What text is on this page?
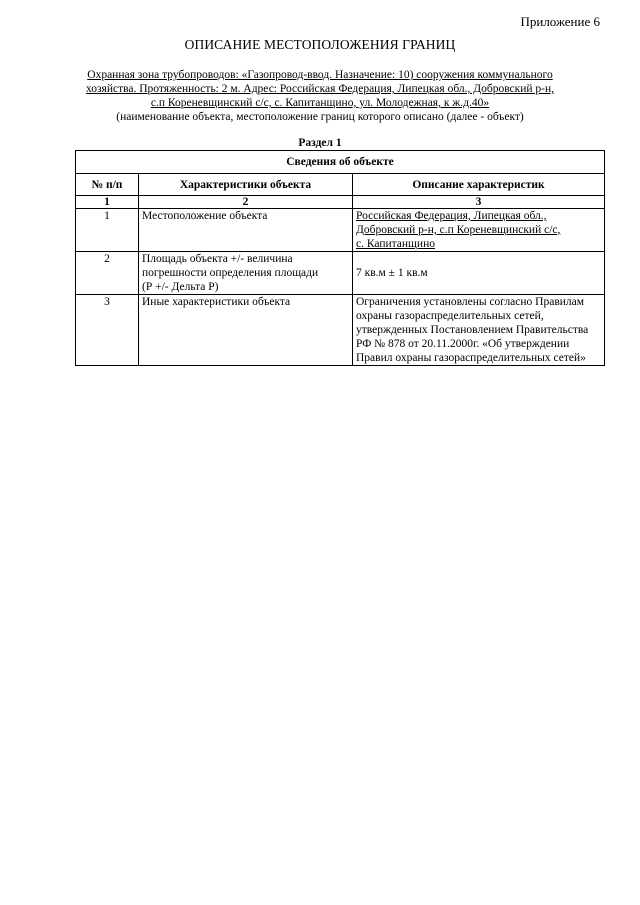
Приложение 6
ОПИСАНИЕ МЕСТОПОЛОЖЕНИЯ ГРАНИЦ
Охранная зона трубопроводов: «Газопровод-ввод. Назначение: 10) сооружения коммунального
хозяйства. Протяженность: 2 м. Адрес: Российская Федерация, Липецкая обл., Добровский р-н,
с.п Кореневщинский с/с, с. Капитанщино, ул. Молодежная, к ж.д.40»
(наименование объекта, местоположение границ которого описано (далее - объект)
Раздел 1
Сведения об объекте		
№ п/п	Характеристики объекта	Описание характеристик
1	2	3
1	Местоположение объекта	Российская Федерация, Липецкая обл.,
Добровский р-н, с.п Кореневщинский с/с,
с. Капитанщино

2	Площадь объекта +/- величина
погрешности определения площади
(Р +/- Дельта Р)	7 кв.м ± 1 кв.м

3	Иные характеристики объекта	Ограничения установлены согласно Правилам
охраны газораспределительных сетей,
утвержденных Постановлением Правительства
РФ № 878 от 20.11.2000г. «Об утверждении
Правил охраны газораспределительных сетей»
